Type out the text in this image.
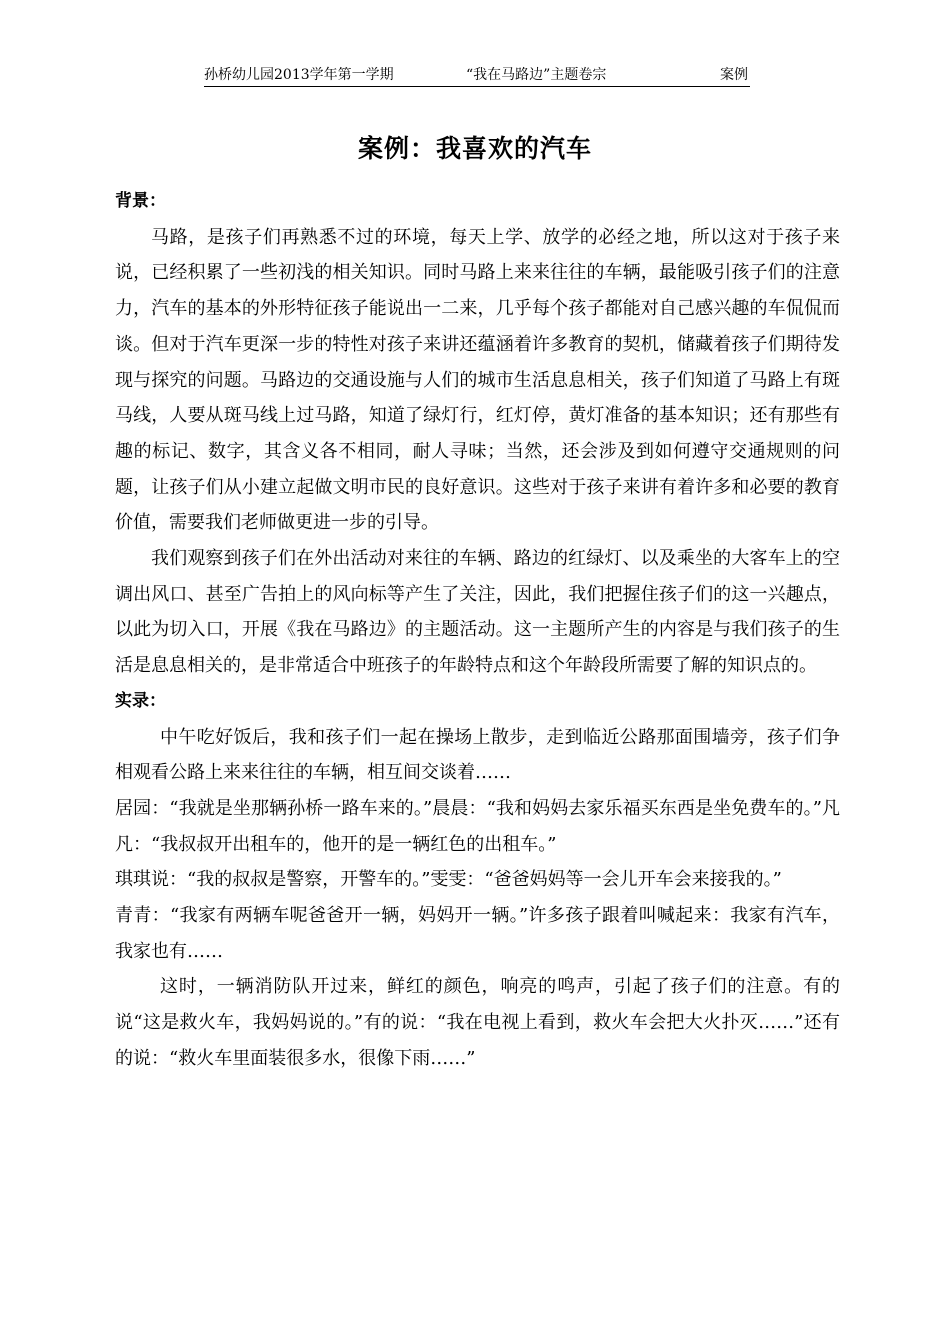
孙桥幼儿园2013学年第一学期	“我在马路边”主题卷宗	案例
案例：我喜欢的汽车

背景：

马路，是孩子们再熟悉不过的环境，每天上学、放学的必经之地，所以这对于孩子来说，已经积累了一些初浅的相关知识。同时马路上来来往往的车辆，最能吸引孩子们的注意力，汽车的基本的外形特征孩子能说出一二来，几乎每个孩子都能对自己感兴趣的车侃侃而谈。但对于汽车更深一步的特性对孩子来讲还蕴涵着许多教育的契机，储藏着孩子们期待发现与探究的问题。马路边的交通设施与人们的城市生活息息相关，孩子们知道了马路上有斑马线，人要从斑马线上过马路，知道了绿灯行，红灯停，黄灯准备的基本知识；还有那些有趣的标记、数字，其含义各不相同，耐人寻味；当然，还会涉及到如何遵守交通规则的问题，让孩子们从小建立起做文明市民的良好意识。这些对于孩子来讲有着许多和必要的教育价值，需要我们老师做更进一步的引导。

我们观察到孩子们在外出活动对来往的车辆、路边的红绿灯、以及乘坐的大客车上的空调出风口、甚至广告拍上的风向标等产生了关注，因此，我们把握住孩子们的这一兴趣点，以此为切入口，开展《我在马路边》的主题活动。这一主题所产生的内容是与我们孩子的生活是息息相关的，是非常适合中班孩子的年龄特点和这个年龄段所需要了解的知识点的。

实录：

中午吃好饭后，我和孩子们一起在操场上散步，走到临近公路那面围墙旁，孩子们争相观看公路上来来往往的车辆，相互间交谈着……

居园：“我就是坐那辆孙桥一路车来的。”晨晨：“我和妈妈去家乐福买东西是坐免费车的。”凡凡：“我叔叔开出租车的，他开的是一辆红色的出租车。”

琪琪说：“我的叔叔是警察，开警车的。”雯雯：“爸爸妈妈等一会儿开车会来接我的。”

青青：“我家有两辆车呢爸爸开一辆，妈妈开一辆。”许多孩子跟着叫喊起来：我家有汽车，我家也有……

这时，一辆消防队开过来，鲜红的颜色，响亮的鸣声，引起了孩子们的注意。有的说“这是救火车，我妈妈说的。”有的说：“我在电视上看到，救火车会把大火扑灭……”还有的说：“救火车里面装很多水，很像下雨……”
